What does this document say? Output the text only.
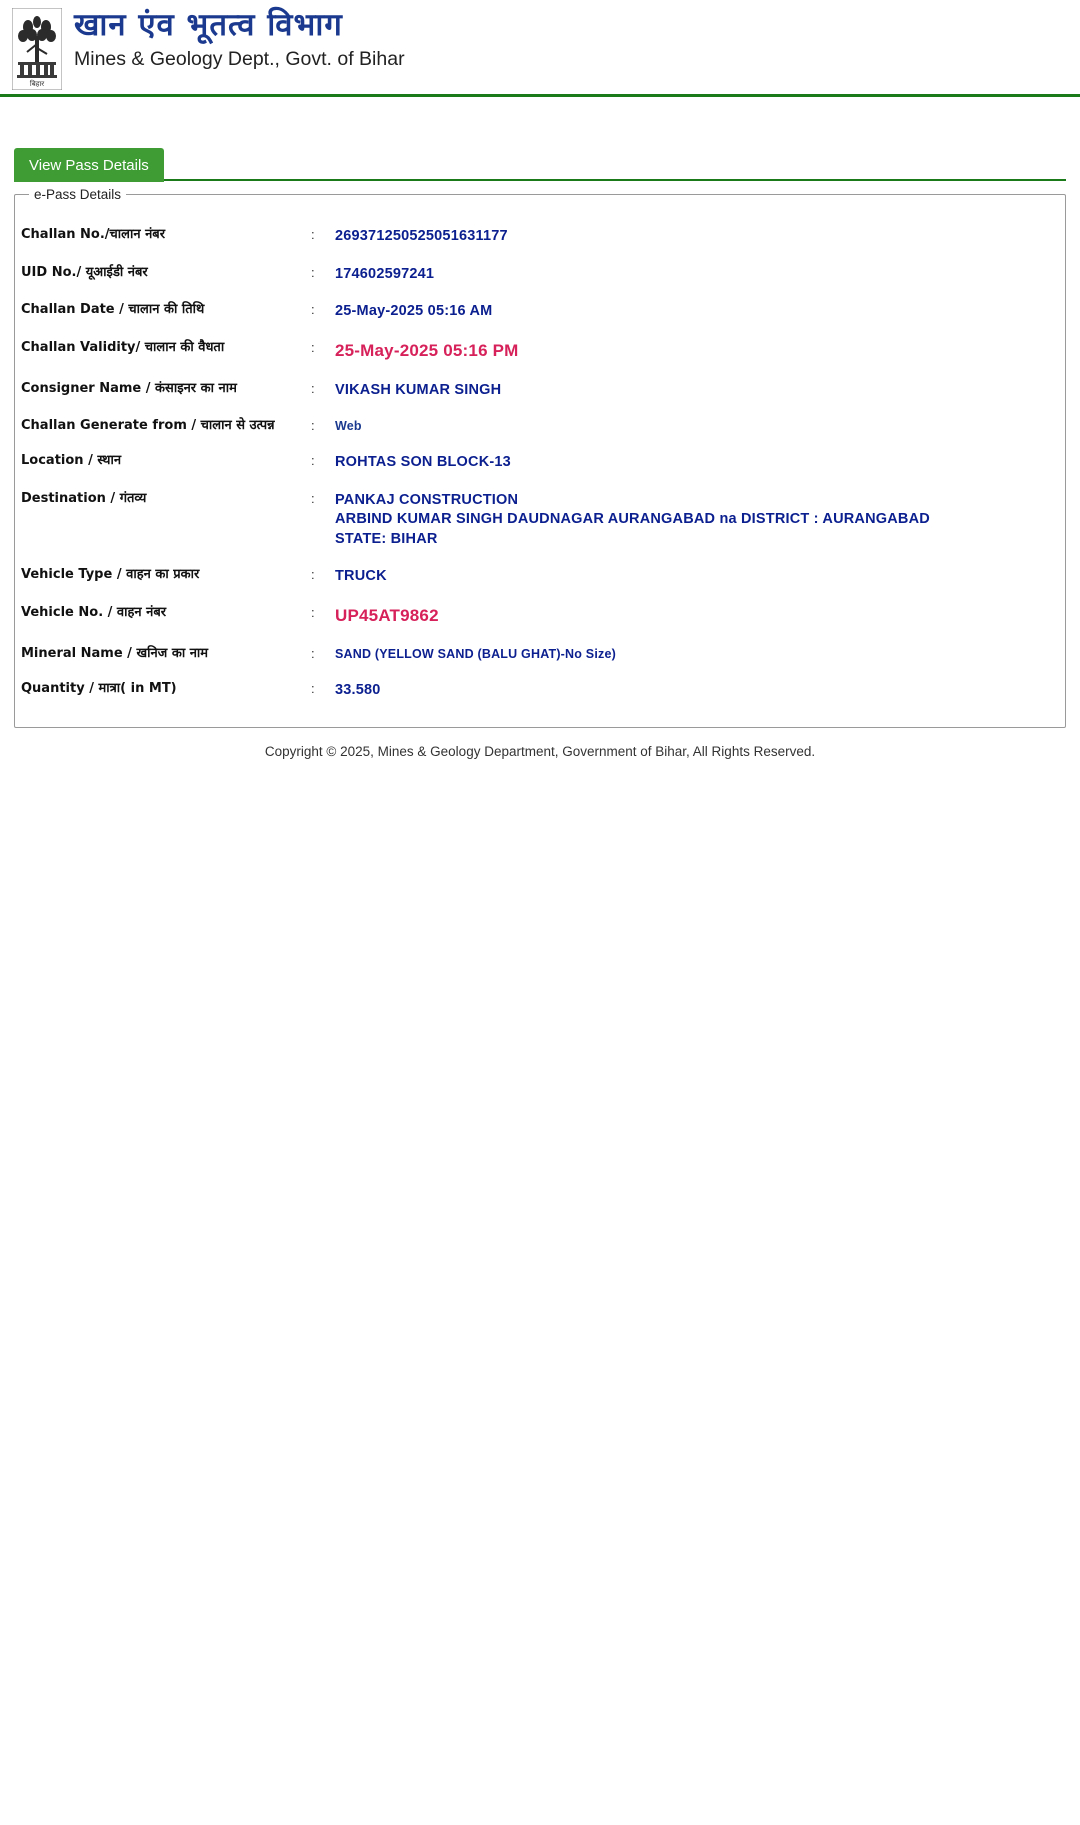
बिहार
खान एंव भूतत्व विभाग
Mines & Geology Dept., Govt. of Bihar
View Pass Details
e-Pass Details
Challan No./चालान नंबर	:	269371250525051631177
UID No./ यूआईडी नंबर	:	174602597241
Challan Date / चालान की तिथि	:	25-May-2025 05:16 AM
Challan Validity/ चालान की वैधता	:	25-May-2025 05:16 PM
Consigner Name / कंसाइनर का नाम	:	VIKASH KUMAR SINGH
Challan Generate from / चालान से उत्पन्न	:	Web
Location / स्थान	:	ROHTAS SON BLOCK-13
Destination / गंतव्य	:	PANKAJ CONSTRUCTION
ARBIND KUMAR SINGH DAUDNAGAR AURANGABAD na DISTRICT : AURANGABAD
STATE: BIHAR

Vehicle Type / वाहन का प्रकार	:	TRUCK
Vehicle No. / वाहन नंबर	:	UP45AT9862
Mineral Name / खनिज का नाम	:	SAND (YELLOW SAND (BALU GHAT)-No Size)
Quantity / मात्रा( in MT)	:	33.580
Copyright © 2025, Mines & Geology Department, Government of Bihar, All Rights Reserved.
